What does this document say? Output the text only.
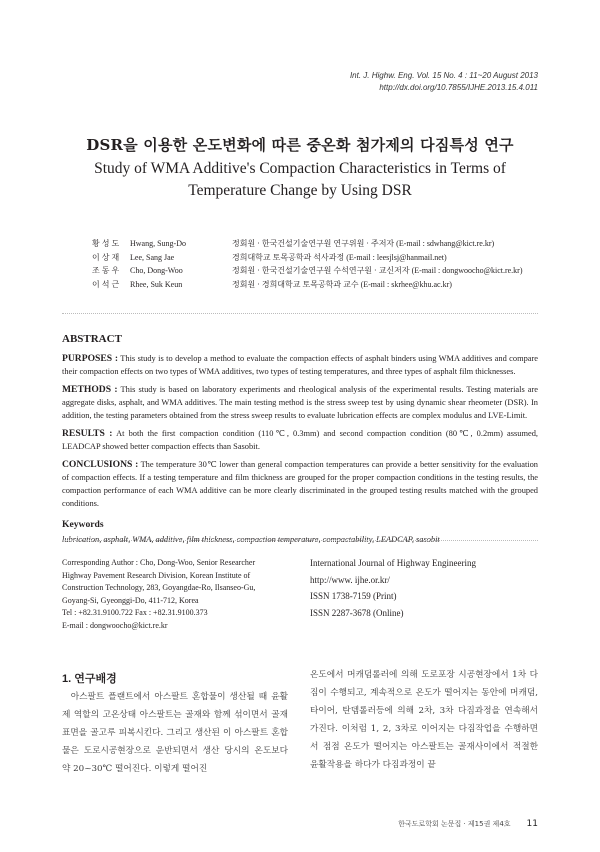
Int. J. Highw. Eng. Vol. 15 No. 4 : 11~20 August 2013
http://dx.doi.org/10.7855/IJHE.2013.15.4.011
DSR을 이용한 온도변화에 따른 중온화 첨가제의 다짐특성 연구
Study of WMA Additive's Compaction Characteristics in Terms of Temperature Change by Using DSR
황 성 도	Hwang, Sung-Do	정회원 · 한국건설기술연구원 연구위원 · 주저자 (E-mail : sdwhang@kict.re.kr)
이 상 재	Lee, Sang Jae	경희대학교 토목공학과 석사과정 (E-mail : leesjlsj@hanmail.net)
조 동 우	Cho, Dong-Woo	정회원 · 한국건설기술연구원 수석연구원 · 교신저자 (E-mail : dongwoocho@kict.re.kr)
이 석 근	Rhee, Suk Keun	정회원 · 경희대학교 토목공학과 교수 (E-mail : skrhee@khu.ac.kr)
ABSTRACT

PURPOSES : This study is to develop a method to evaluate the compaction effects of asphalt binders using WMA additives and compare their compaction effects on two types of WMA additives, two types of testing temperatures, and three types of asphalt film thicknesses.

METHODS : This study is based on laboratory experiments and rheological analysis of the experimental results. Testing materials are aggregate disks, asphalt, and WMA additives. The main testing method is the stress sweep test by using dynamic shear rheometer (DSR). In addition, the testing parameters obtained from the stress sweep results to evaluate lubrication effects are complex modulus and LVE-Limit.

RESULTS : At both the first compaction condition (110℃, 0.3mm) and second compaction condition (80℃, 0.2mm) assumed, LEADCAP showed better compaction effects than Sasobit.

CONCLUSIONS : The temperature 30℃ lower than general compaction temperatures can provide a better sensitivity for the evaluation of compaction effects. If a testing temperature and film thickness are grouped for the proper compaction conditions in the testing results, the compaction performance of each WMA additive can be more clearly discriminated in the grouped testing results matched with the grouped conditions.

Keywords
lubrication, asphalt, WMA, additive, film thickness, compaction temperature, compactability, LEADCAP, sasobit
Corresponding Author : Cho, Dong-Woo, Senior Researcher
Highway Pavement Research Division, Korean Institute of
Construction Technology, 283, Goyangdae-Ro, Ilsanseo-Gu,
Goyang-Si, Gyeonggi-Do, 411-712, Korea
Tel : +82.31.9100.722 Fax : +82.31.9100.373
E-mail : dongwoocho@kict.re.kr
International Journal of Highway Engineering
http://www. ijhe.or.kr/
ISSN 1738-7159 (Print)
ISSN 2287-3678 (Online)
1. 연구배경

아스팔트 플랜트에서 아스팔트 혼합물이 생산될 때 윤활제 역할의 고온상태 아스팔트는 골재와 함께 섞이면서 골재 표면을 골고루 피복시킨다. 그리고 생산된 이 아스팔트 혼합물은 도로시공현장으로 운반되면서 생산 당시의 온도보다 약 20~30℃ 떨어진다. 이렇게 떨어진

온도에서 머캐덤롤러에 의해 도로포장 시공현장에서 1차 다짐이 수행되고, 계속적으로 온도가 떨어지는 동안에 머캐덤, 타이어, 탄뎀롤러등에 의해 2차, 3차 다짐과정을 연속해서 가진다. 이처럼 1, 2, 3차로 이어지는 다짐작업을 수행하면서 점점 온도가 떨어지는 아스팔트는 골재사이에서 적절한 윤활작용을 하다가 다짐과정이 끝

한국도로학회 논문집 · 제15권 제4호 11
